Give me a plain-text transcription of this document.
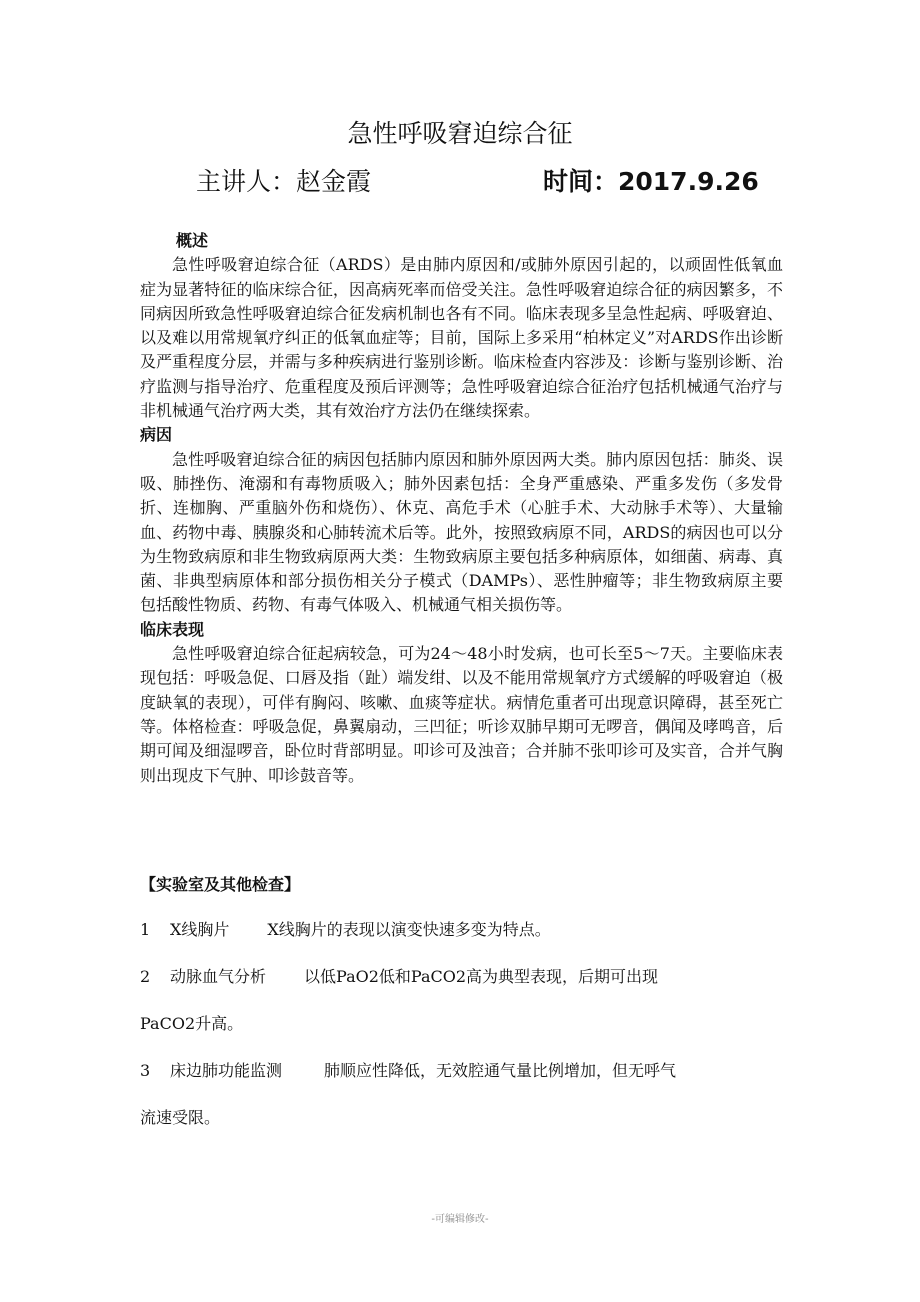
急性呼吸窘迫综合征
主讲人：赵金霞	时间：2017.9.26
概述

急性呼吸窘迫综合征（ARDS）是由肺内原因和/或肺外原因引起的，以顽固性低氧血症为显著特征的临床综合征，因高病死率而倍受关注。急性呼吸窘迫综合征的病因繁多，不同病因所致急性呼吸窘迫综合征发病机制也各有不同。临床表现多呈急性起病、呼吸窘迫、以及难以用常规氧疗纠正的低氧血症等；目前，国际上多采用“柏林定义”对ARDS作出诊断及严重程度分层，并需与多种疾病进行鉴别诊断。临床检查内容涉及：诊断与鉴别诊断、治疗监测与指导治疗、危重程度及预后评测等；急性呼吸窘迫综合征治疗包括机械通气治疗与非机械通气治疗两大类，其有效治疗方法仍在继续探索。

病因

急性呼吸窘迫综合征的病因包括肺内原因和肺外原因两大类。肺内原因包括：肺炎、误吸、肺挫伤、淹溺和有毒物质吸入；肺外因素包括：全身严重感染、严重多发伤（多发骨折、连枷胸、严重脑外伤和烧伤）、休克、高危手术（心脏手术、大动脉手术等）、大量输血、药物中毒、胰腺炎和心肺转流术后等。此外，按照致病原不同，ARDS的病因也可以分为生物致病原和非生物致病原两大类：生物致病原主要包括多种病原体，如细菌、病毒、真菌、非典型病原体和部分损伤相关分子模式（DAMPs）、恶性肿瘤等；非生物致病原主要包括酸性物质、药物、有毒气体吸入、机械通气相关损伤等。

临床表现

急性呼吸窘迫综合征起病较急，可为24～48小时发病，也可长至5～7天。主要临床表现包括：呼吸急促、口唇及指（趾）端发绀、以及不能用常规氧疗方式缓解的呼吸窘迫（极度缺氧的表现），可伴有胸闷、咳嗽、血痰等症状。病情危重者可出现意识障碍，甚至死亡等。体格检查：呼吸急促，鼻翼扇动，三凹征；听诊双肺早期可无啰音，偶闻及哮鸣音，后期可闻及细湿啰音，卧位时背部明显。叩诊可及浊音；合并肺不张叩诊可及实音，合并气胸则出现皮下气肿、叩诊鼓音等。

【实验室及其他检查】
1 X线胸片 X线胸片的表现以演变快速多变为特点。
2 动脉血气分析 以低PaO2低和PaCO2高为典型表现，后期可出现
PaCO2升高。
3 床边肺功能监测	肺顺应性降低，无效腔通气量比例增加，但无呼气
流速受限。
-可编辑修改-
